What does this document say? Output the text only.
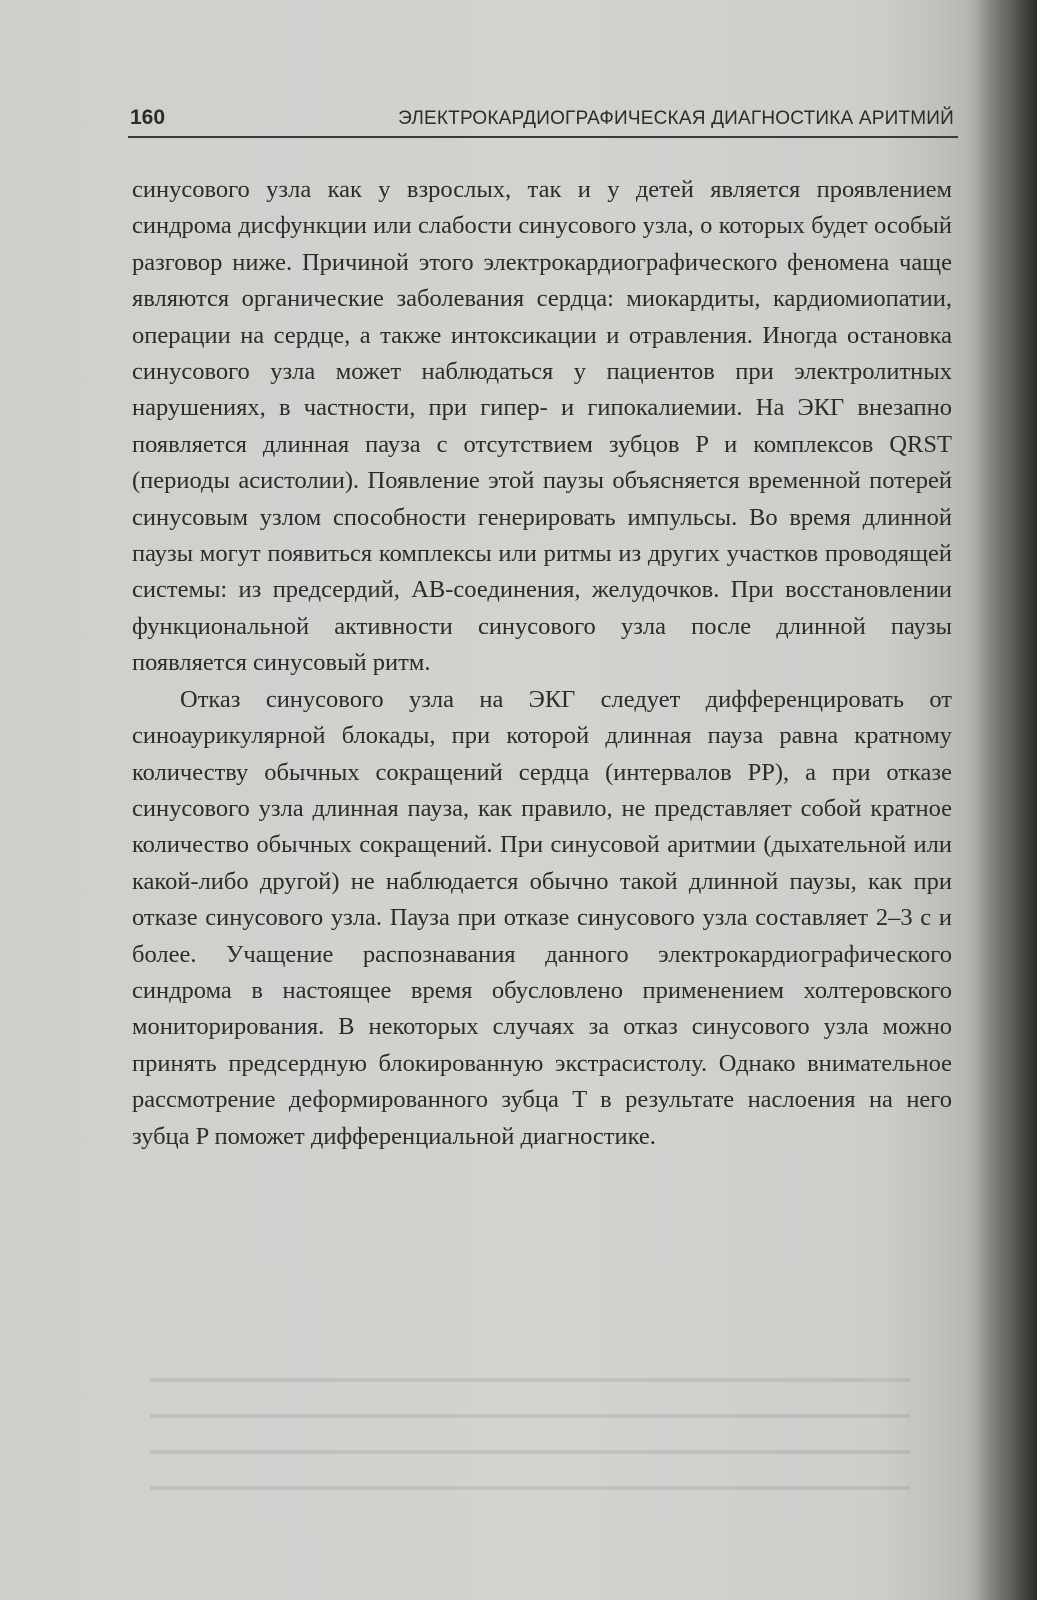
160	ЭЛЕКТРОКАРДИОГРАФИЧЕСКАЯ ДИАГНОСТИКА АРИТМИЙ

синусового узла как у взрослых, так и у детей является проявлением синдрома дисфункции или слабости синусового узла, о которых будет особый разговор ниже. Причиной этого электрокардиографического феномена чаще являются органические заболевания сердца: миокардиты, кардиомиопатии, операции на сердце, а также интоксикации и отравления. Иногда остановка синусового узла может наблюдаться у пациентов при электролитных нарушениях, в частности, при гипер- и гипокалиемии. На ЭКГ внезапно появляется длинная пауза с отсутствием зубцов P и комплексов QRST (периоды асистолии). Появление этой паузы объясняется временной потерей синусовым узлом способности генерировать импульсы. Во время длинной паузы могут появиться комплексы или ритмы из других участков проводящей системы: из предсердий, АВ-соединения, желудочков. При восстановлении функциональной активности синусового узла после длинной паузы появляется синусовый ритм.

Отказ синусового узла на ЭКГ следует дифференцировать от синоаурикулярной блокады, при которой длинная пауза равна кратному количеству обычных сокращений сердца (интервалов PP), а при отказе синусового узла длинная пауза, как правило, не представляет собой кратное количество обычных сокращений. При синусовой аритмии (дыхательной или какой-либо другой) не наблюдается обычно такой длинной паузы, как при отказе синусового узла. Пауза при отказе синусового узла составляет 2–3 с и более. Учащение распознавания данного электрокардиографического синдрома в настоящее время обусловлено применением холтеровского мониторирования. В некоторых случаях за отказ синусового узла можно принять предсердную блокированную экстрасистолу. Однако внимательное рассмотрение деформированного зубца T в результате наслоения на него зубца P поможет дифференциальной диагностике.
